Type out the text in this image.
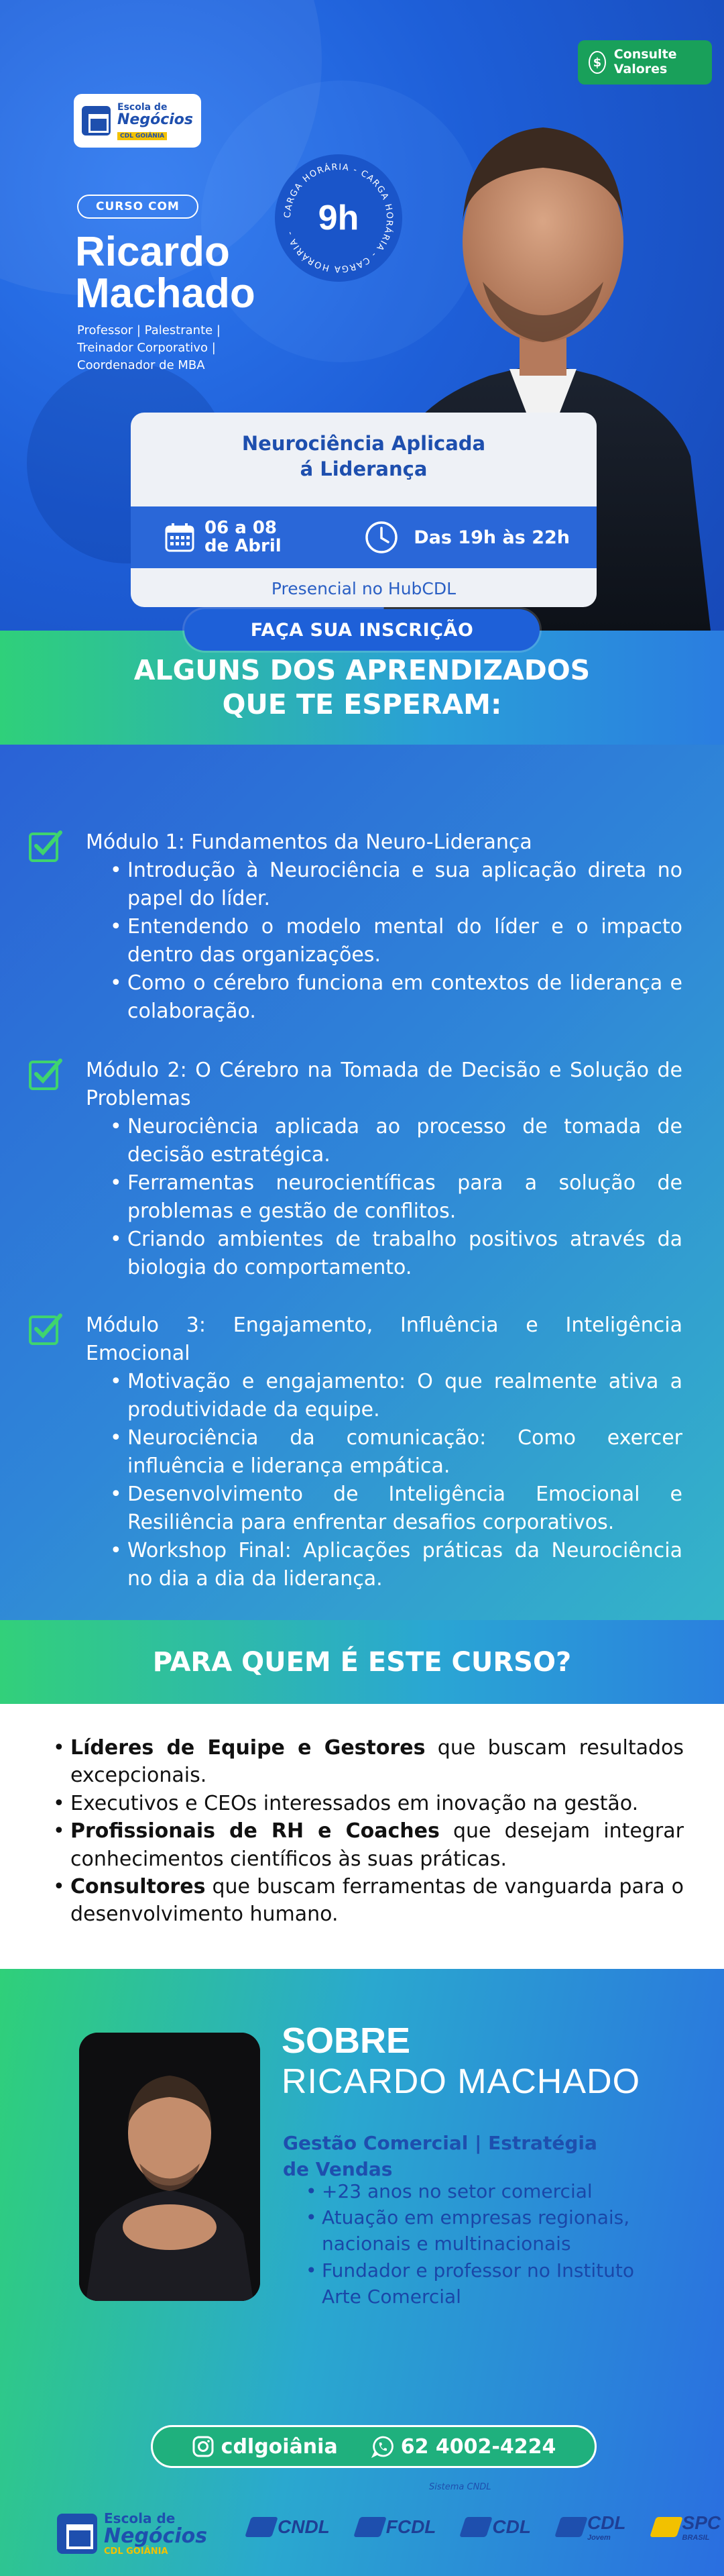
$
Consulte Valores
Escola de
Negócios
CDL GOIÂNIA
CURSO COM
Ricardo
Machado
Professor | Palestrante |
Treinador Corporativo |
Coordenador de MBA
CARGA HORÁRIA - CARGA HORÁRIA - CARGA HORÁRIA - 9h
Neurociência Aplicada
á Liderança
06 a 08
de Abril	Das 19h às 22h
Presencial no HubCDL
FAÇA SUA INSCRIÇÃO
ALGUNS DOS APRENDIZADOS
QUE TE ESPERAM:
Módulo 1: Fundamentos da Neuro-Liderança
• Introdução à Neurociência e sua aplicação direta no papel do líder.
• Entendendo o modelo mental do líder e o impacto dentro das organizações.
• Como o cérebro funciona em contextos de liderança e colaboração.
Módulo 2: O Cérebro na Tomada de Decisão e Solução de Problemas
• Neurociência aplicada ao processo de tomada de decisão estratégica.
• Ferramentas neurocientíficas para a solução de problemas e gestão de conflitos.
• Criando ambientes de trabalho positivos através da biologia do comportamento.
Módulo 3: Engajamento, Influência e Inteligência Emocional
• Motivação e engajamento: O que realmente ativa a produtividade da equipe.
• Neurociência da comunicação: Como exercer influência e liderança empática.
• Desenvolvimento de Inteligência Emocional e Resiliência para enfrentar desafios corporativos.
• Workshop Final: Aplicações práticas da Neurociência no dia a dia da liderança.
PARA QUEM É ESTE CURSO?
• Líderes de Equipe e Gestores que buscam resultados excepcionais.
• Executivos e CEOs interessados em inovação na gestão.
• Profissionais de RH e Coaches que desejam integrar conhecimentos científicos às suas práticas.
• Consultores que buscam ferramentas de vanguarda para o desenvolvimento humano.
SOBRE
RICARDO MACHADO
Gestão Comercial | Estratégia de Vendas
• +23 anos no setor comercial
• Atuação em empresas regionais, nacionais e multinacionais
• Fundador e professor no Instituto Arte Comercial
cdlgoiânia	62 4002-4224
Escola de
Negócios
CDL GOIÂNIA
Sistema CNDL
CNDL	FCDL	CDL	CDL
Jovem
SPC
BRASIL
